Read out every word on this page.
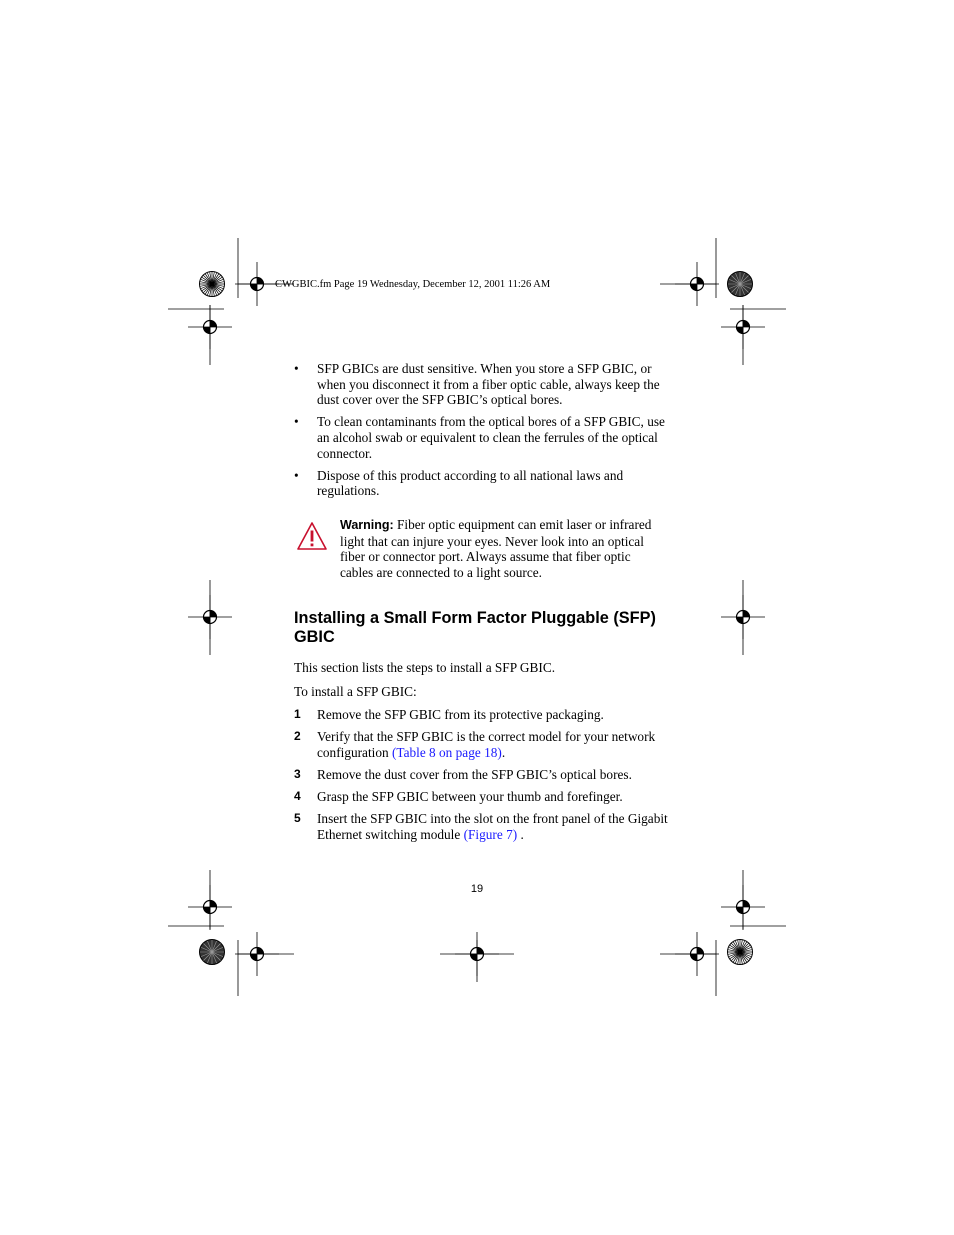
CWGBIC.fm Page 19 Wednesday, December 12, 2001 11:26 AM
• SFP GBICs are dust sensitive. When you store a SFP GBIC, or when you disconnect it from a fiber optic cable, always keep the dust cover over the SFP GBIC’s optical bores.
• To clean contaminants from the optical bores of a SFP GBIC, use an alcohol swab or equivalent to clean the ferrules of the optical connector.
• Dispose of this product according to all national laws and regulations.
Warning: Fiber optic equipment can emit laser or infrared light that can injure your eyes. Never look into an optical fiber or connector port. Always assume that fiber optic cables are connected to a light source.
Installing a Small Form Factor Pluggable (SFP) GBIC

This section lists the steps to install a SFP GBIC.

To install a SFP GBIC:

1 Remove the SFP GBIC from its protective packaging.
2 Verify that the SFP GBIC is the correct model for your network configuration (Table 8 on page 18).
3 Remove the dust cover from the SFP GBIC’s optical bores.
4 Grasp the SFP GBIC between your thumb and forefinger.
5 Insert the SFP GBIC into the slot on the front panel of the Gigabit Ethernet switching module (Figure 7) .
19
